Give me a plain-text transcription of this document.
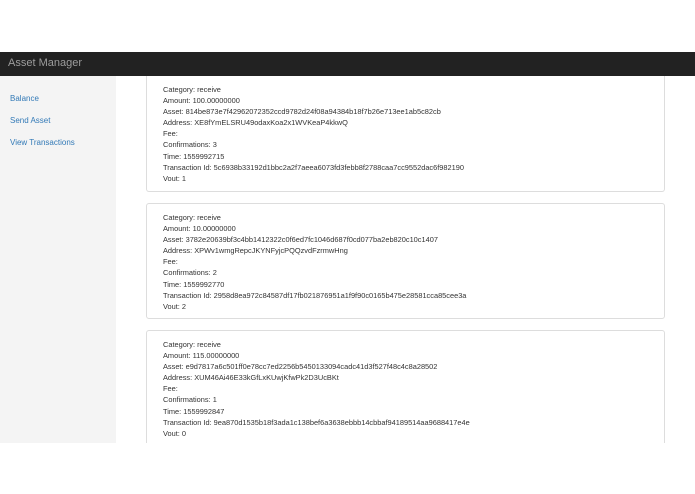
Asset Manager
Balance
Send Asset
View Transactions
Category: receive
Amount: 100.00000000
Asset: 814be873e7f42962072352ccd9782d24f08a94384b18f7b26e713ee1ab5c82cb
Address: XE8fYmELSRU49odaxKoa2x1WVKeaP4kkwQ
Fee:
Confirmations: 3
Time: 1559992715
Transaction Id: 5c6938b33192d1bbc2a2f7aeea6073fd3febb8f2788caa7cc9552dac6f982190
Vout: 1
Category: receive
Amount: 10.00000000
Asset: 3782e20639bf3c4bb1412322c0f6ed7fc1046d687f0cd077ba2eb820c10c1407
Address: XPWv1wmgRepcJKYNFyjcPQQzvdFzrmwHng
Fee:
Confirmations: 2
Time: 1559992770
Transaction Id: 2958d8ea972c84587df17fb021876951a1f9f90c0165b475e28581cca85cee3a
Vout: 2
Category: receive
Amount: 115.00000000
Asset: e9d7817a6c501ff0e78cc7ed2256b5450133094cadc41d3f527f48c4c8a28502
Address: XUM46Ai46E33kGfLxKUwjKfwPk2D3UcBKt
Fee:
Confirmations: 1
Time: 1559992847
Transaction Id: 9ea870d1535b18f3ada1c138bef6a3638ebbb14cbbaf94189514aa9688417e4e
Vout: 0
